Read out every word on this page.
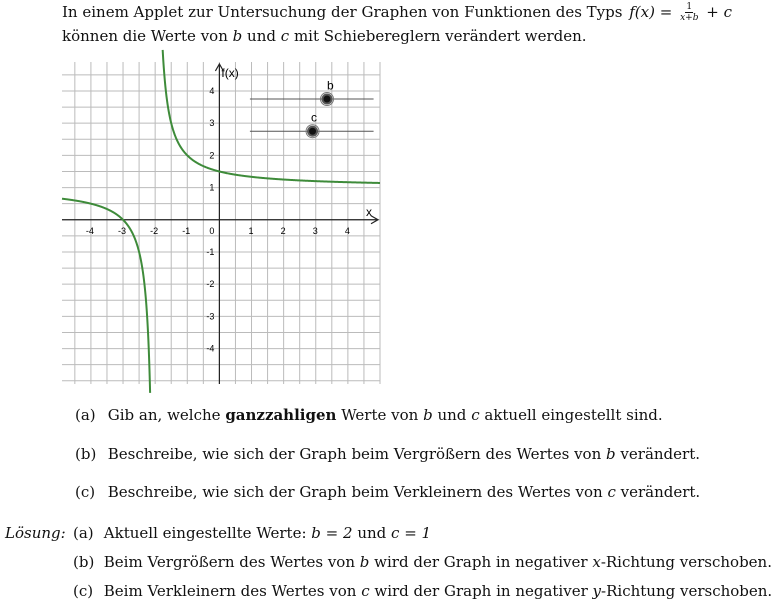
In einem Applet zur Untersuchung der Graphen von Funktionen des Typs $f(x) = \frac{1}{x+b} + c$
können die Werte von b und c mit Schiebereglern verändert werden.
x
f(x)
-4	-3	-2	-1 0	1	2	3	4
4
3
2
1
-1
-2
-3
-4
b
c
(a) Gib an, welche ganzzahligen Werte von b und c aktuell eingestellt sind.
(b) Beschreibe, wie sich der Graph beim Vergrößern des Wertes von b verändert.
(c) Beschreibe, wie sich der Graph beim Verkleinern des Wertes von c verändert.
Lösung: (a) Aktuell eingestellte Werte: b = 2 und c = 1
(b) Beim Vergrößern des Wertes von b wird der Graph in negativer x-Richtung verschoben.
(c) Beim Verkleinern des Wertes von c wird der Graph in negativer y-Richtung verschoben.
